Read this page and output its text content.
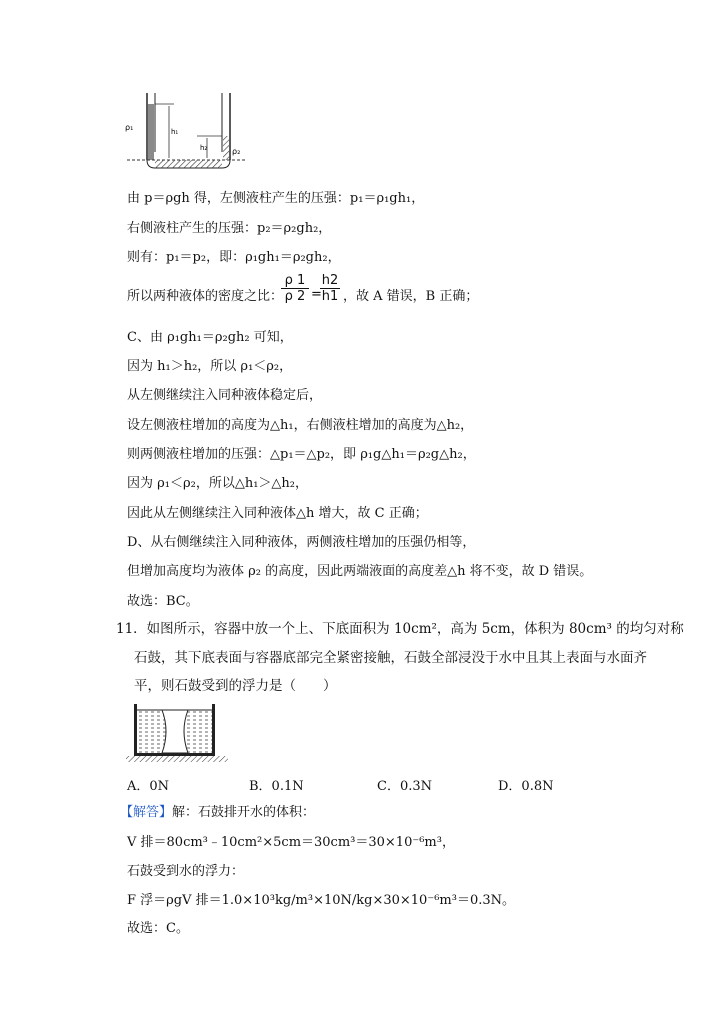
h₁
h₂
ρ₁
ρ₂
由 p＝ρgh 得，左侧液柱产生的压强：p₁＝ρ₁gh₁，
右侧液柱产生的压强：p₂＝ρ₂gh₂，
则有：p₁＝p₂，即：ρ₁gh₁＝ρ₂gh₂，
所以两种液体的密度之比：
$\frac{\rho 1}{\rho 2}$ =
$\frac{h2}{h1}$ ，故 A 错误，B 正确；
C、由 ρ₁gh₁＝ρ₂gh₂ 可知，
因为 h₁＞h₂，所以 ρ₁＜ρ₂，
从左侧继续注入同种液体稳定后，
设左侧液柱增加的高度为△h₁，右侧液柱增加的高度为△h₂，
则两侧液柱增加的压强：△p₁＝△p₂，即 ρ₁g△h₁＝ρ₂g△h₂，
因为 ρ₁＜ρ₂，所以△h₁＞△h₂，
因此从左侧继续注入同种液体△h 增大，故 C 正确；
D、从右侧继续注入同种液体，两侧液柱增加的压强仍相等，
但增加高度均为液体 ρ₂ 的高度，因此两端液面的高度差△h 将不变，故 D 错误。
故选：BC。
11．如图所示，容器中放一个上、下底面积为 10cm²，高为 5cm，体积为 80cm³ 的均匀对称
石鼓，其下底表面与容器底部完全紧密接触，石鼓全部浸没于水中且其上表面与水面齐
平，则石鼓受到的浮力是（　　）
A．0N	B．0.1N	C．0.3N	D．0.8N
【解答】解：石鼓排开水的体积：
V 排＝80cm³﹣10cm²×5cm＝30cm³＝30×10⁻⁶m³，
石鼓受到水的浮力：
F 浮＝ρgV 排＝1.0×10³kg/m³×10N/kg×30×10⁻⁶m³＝0.3N。
故选：C。
